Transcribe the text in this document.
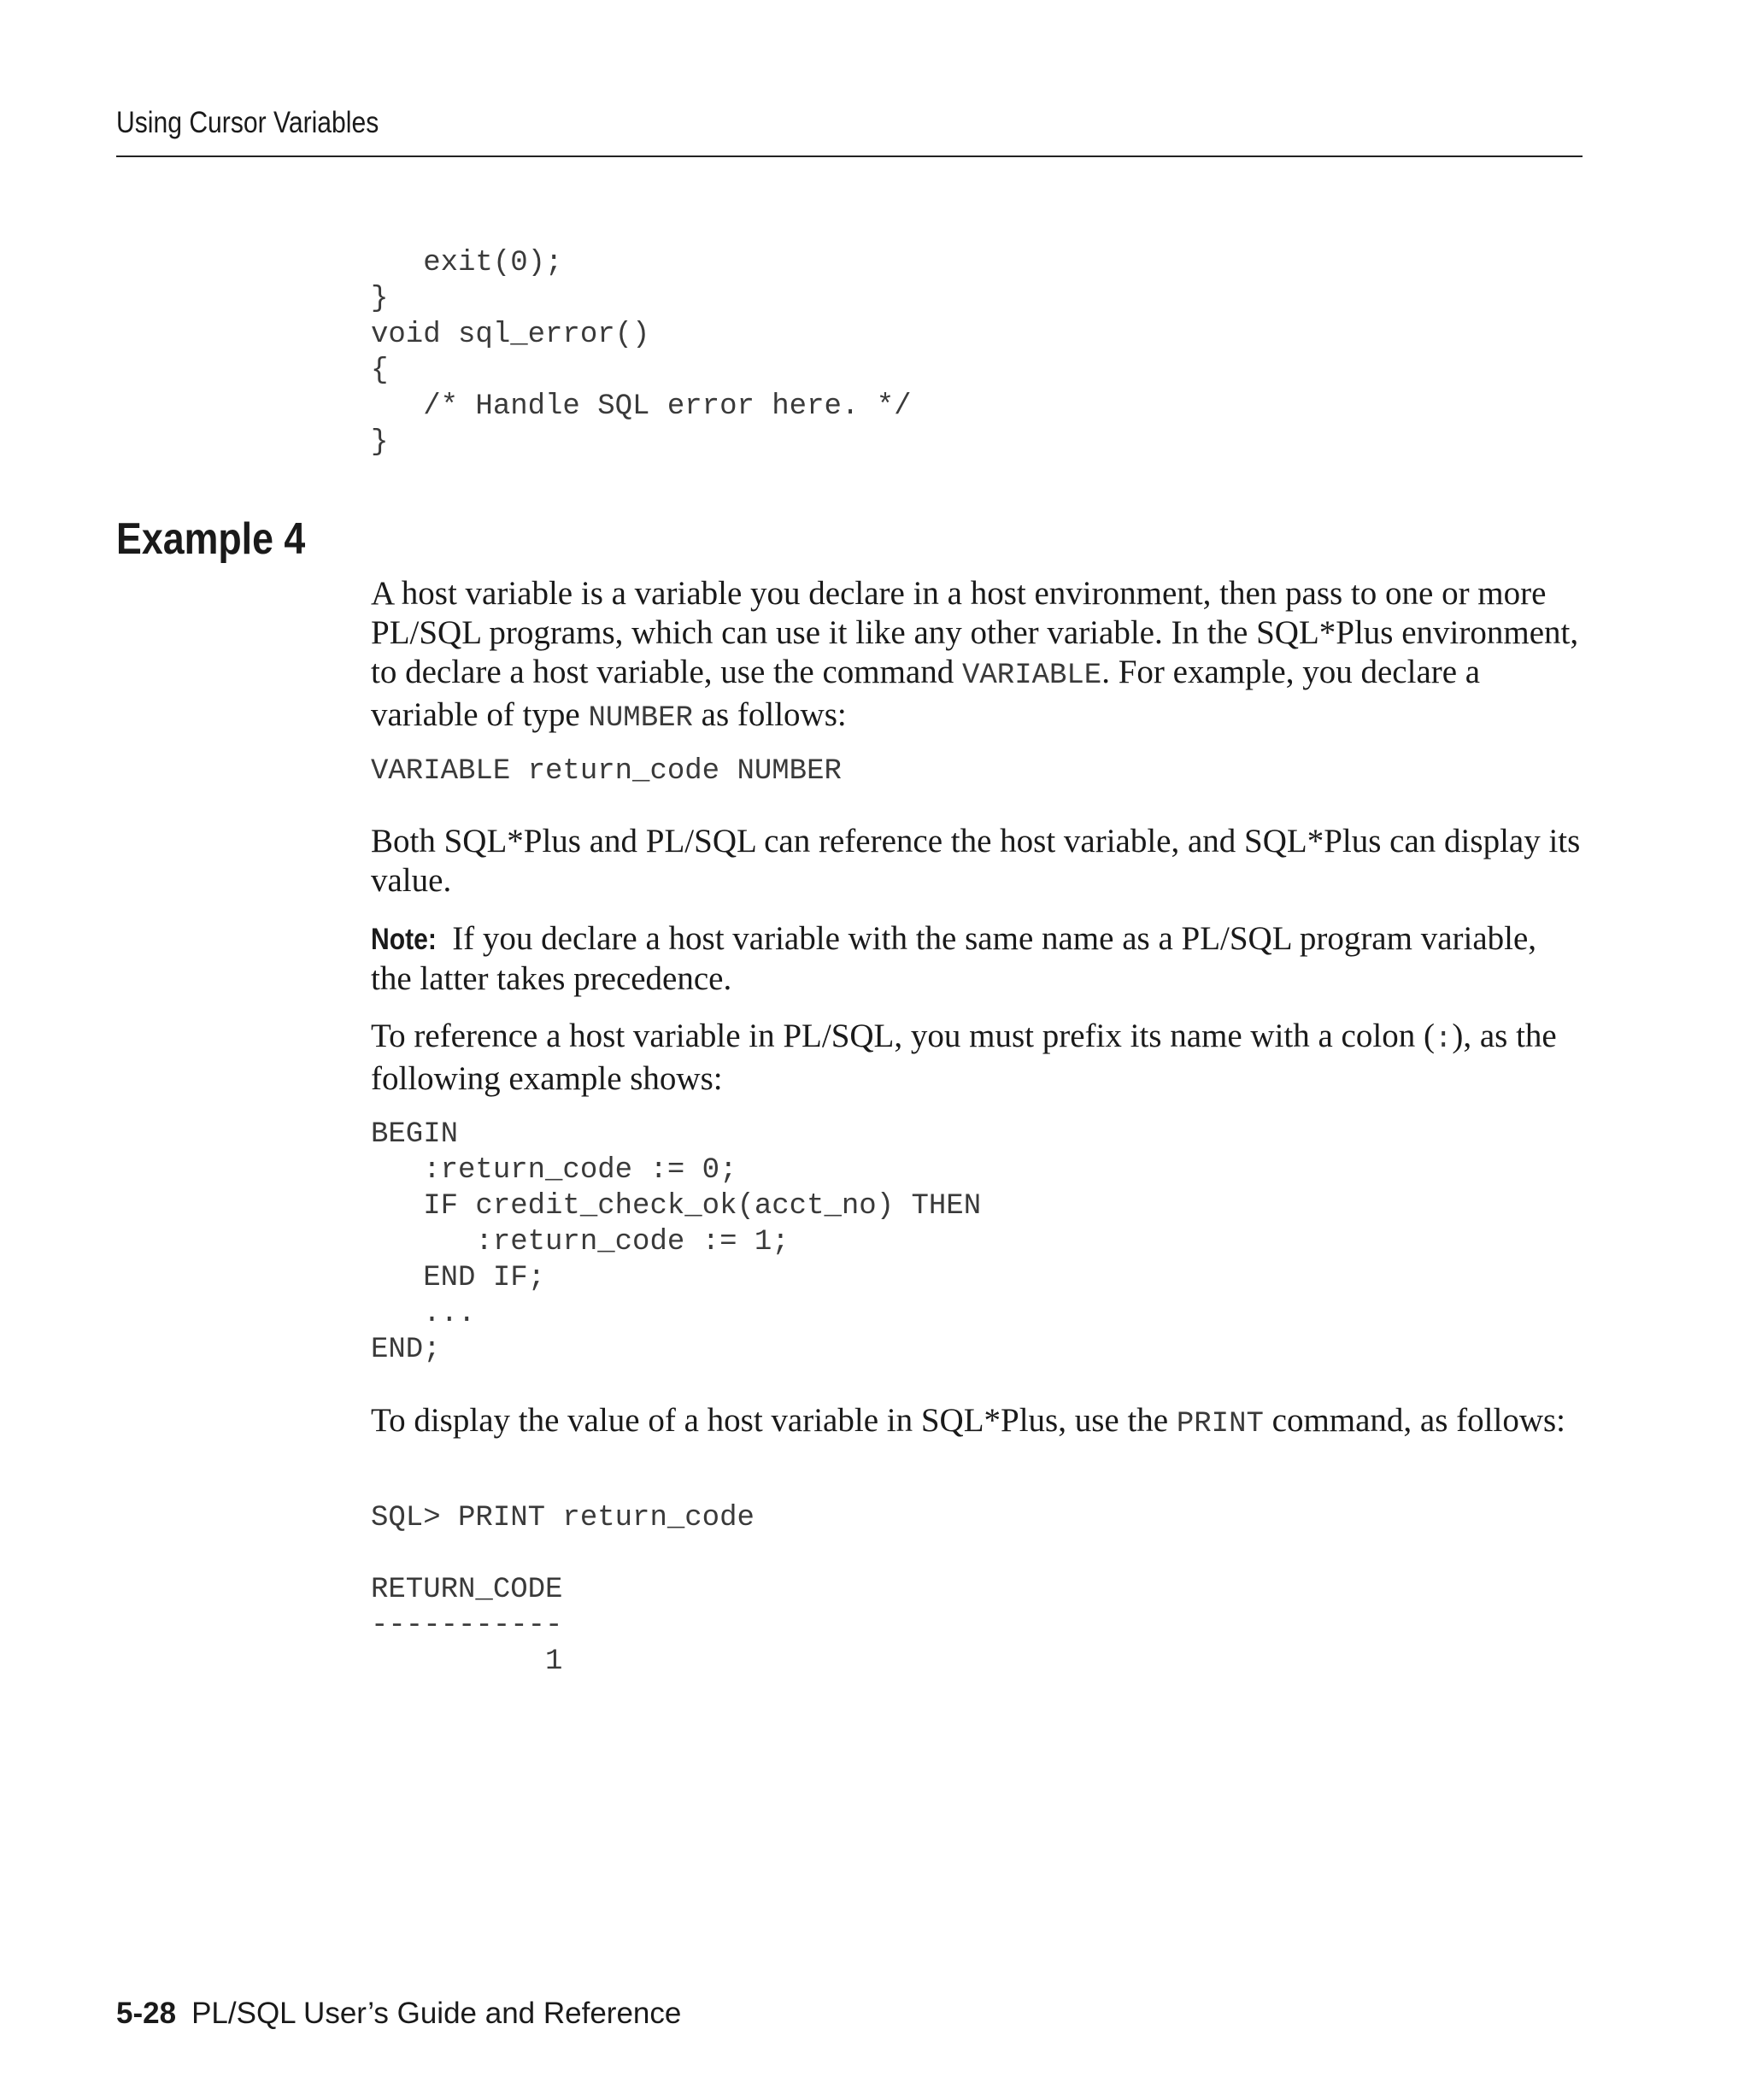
Using Cursor Variables
exit(0);
}
void sql_error()
{
/* Handle SQL error here. */
}
Example 4

A host variable is a variable you declare in a host environment, then pass to one or more PL/SQL programs, which can use it like any other variable. In the SQL*Plus environment, to declare a host variable, use the command VARIABLE. For example, you declare a variable of type NUMBER as follows:

VARIABLE return_code NUMBER

Both SQL*Plus and PL/SQL can reference the host variable, and SQL*Plus can display its value.

Note: If you declare a host variable with the same name as a PL/SQL program variable, the latter takes precedence.

To reference a host variable in PL/SQL, you must prefix its name with a colon (:), as the following example shows:

BEGIN
:return_code := 0;
IF credit_check_ok(acct_no) THEN
:return_code := 1;
END IF;
...
END;

To display the value of a host variable in SQL*Plus, use the PRINT command, as follows:

SQL> PRINT return_code

RETURN_CODE
-----------
1
5-28 PL/SQL User’s Guide and Reference
